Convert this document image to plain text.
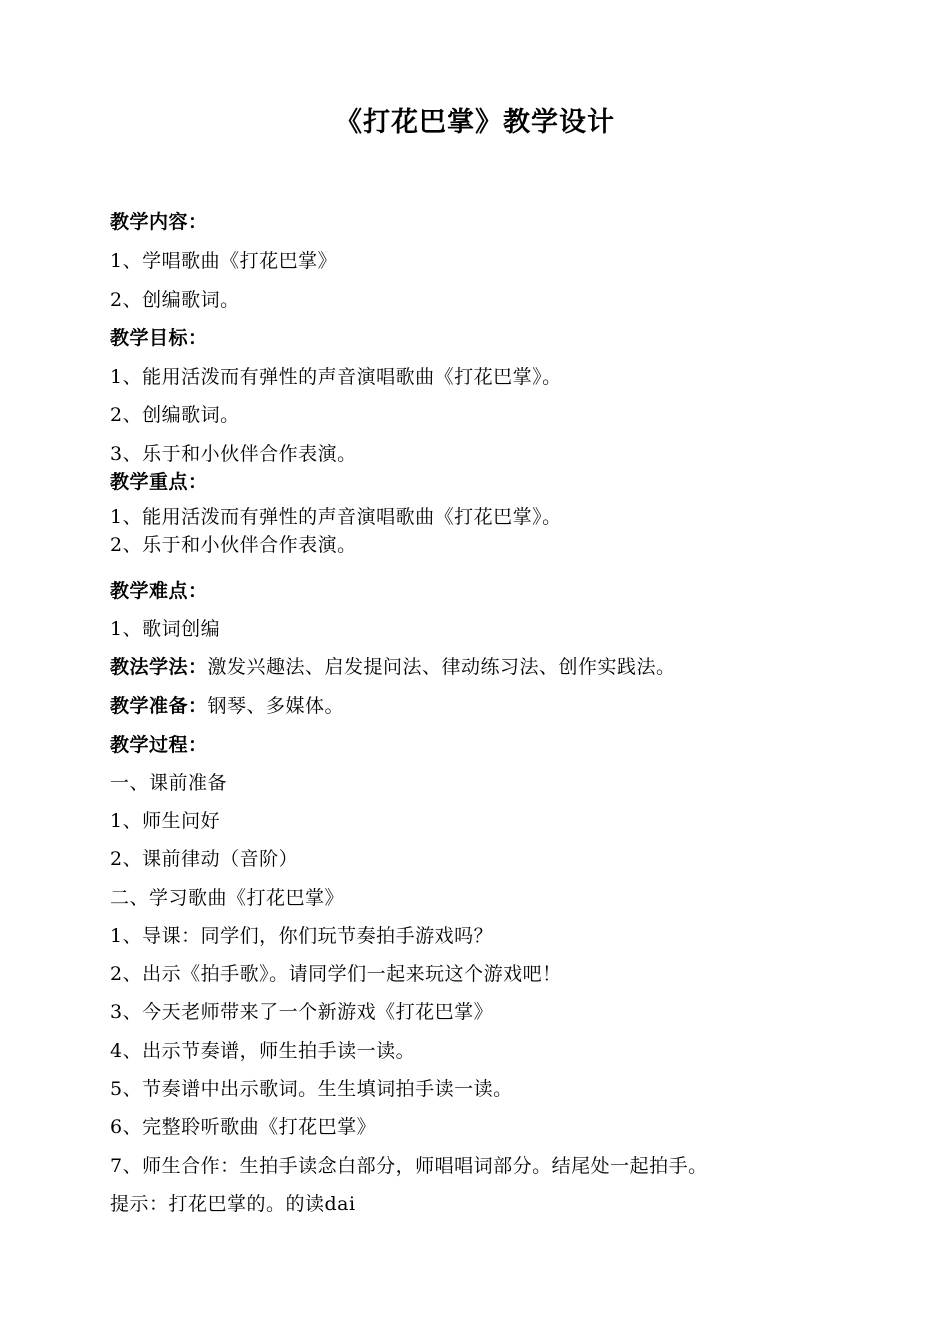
《打花巴掌》教学设计
教学内容：
1、学唱歌曲《打花巴掌》
2、创编歌词。
教学目标：
1、能用活泼而有弹性的声音演唱歌曲《打花巴掌》。
2、创编歌词。
3、乐于和小伙伴合作表演。
教学重点：
1、能用活泼而有弹性的声音演唱歌曲《打花巴掌》。
2、乐于和小伙伴合作表演。
教学难点：
1、歌词创编
教法学法：激发兴趣法、启发提问法、律动练习法、创作实践法。
教学准备：钢琴、多媒体。
教学过程：
一、课前准备
1、师生问好
2、课前律动（音阶）
二、学习歌曲《打花巴掌》
1、导课：同学们，你们玩节奏拍手游戏吗？
2、出示《拍手歌》。请同学们一起来玩这个游戏吧！
3、今天老师带来了一个新游戏《打花巴掌》
4、出示节奏谱，师生拍手读一读。
5、节奏谱中出示歌词。生生填词拍手读一读。
6、完整聆听歌曲《打花巴掌》
7、师生合作：生拍手读念白部分，师唱唱词部分。结尾处一起拍手。
提示：打花巴掌的。的读dai
